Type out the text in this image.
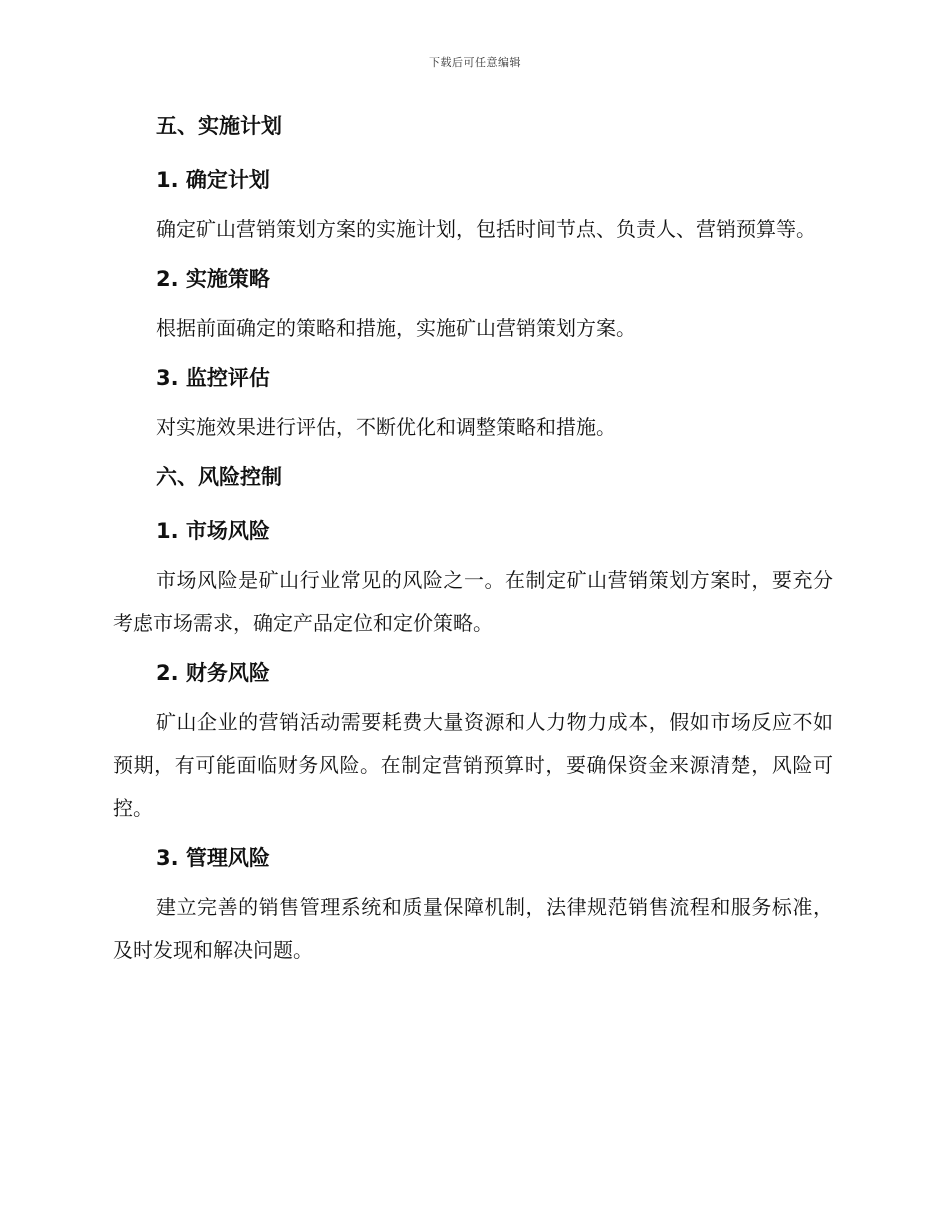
下载后可任意编辑
五、实施计划
1. 确定计划

确定矿山营销策划方案的实施计划，包括时间节点、负责人、营销预算等。

2. 实施策略

根据前面确定的策略和措施，实施矿山营销策划方案。

3. 监控评估

对实施效果进行评估，不断优化和调整策略和措施。

六、风险控制
1. 市场风险

市场风险是矿山行业常见的风险之一。在制定矿山营销策划方案时，要充分考虑市场需求，确定产品定位和定价策略。

2. 财务风险

矿山企业的营销活动需要耗费大量资源和人力物力成本，假如市场反应不如预期，有可能面临财务风险。在制定营销预算时，要确保资金来源清楚，风险可控。

3. 管理风险

建立完善的销售管理系统和质量保障机制，法律规范销售流程和服务标准，及时发现和解决问题。
